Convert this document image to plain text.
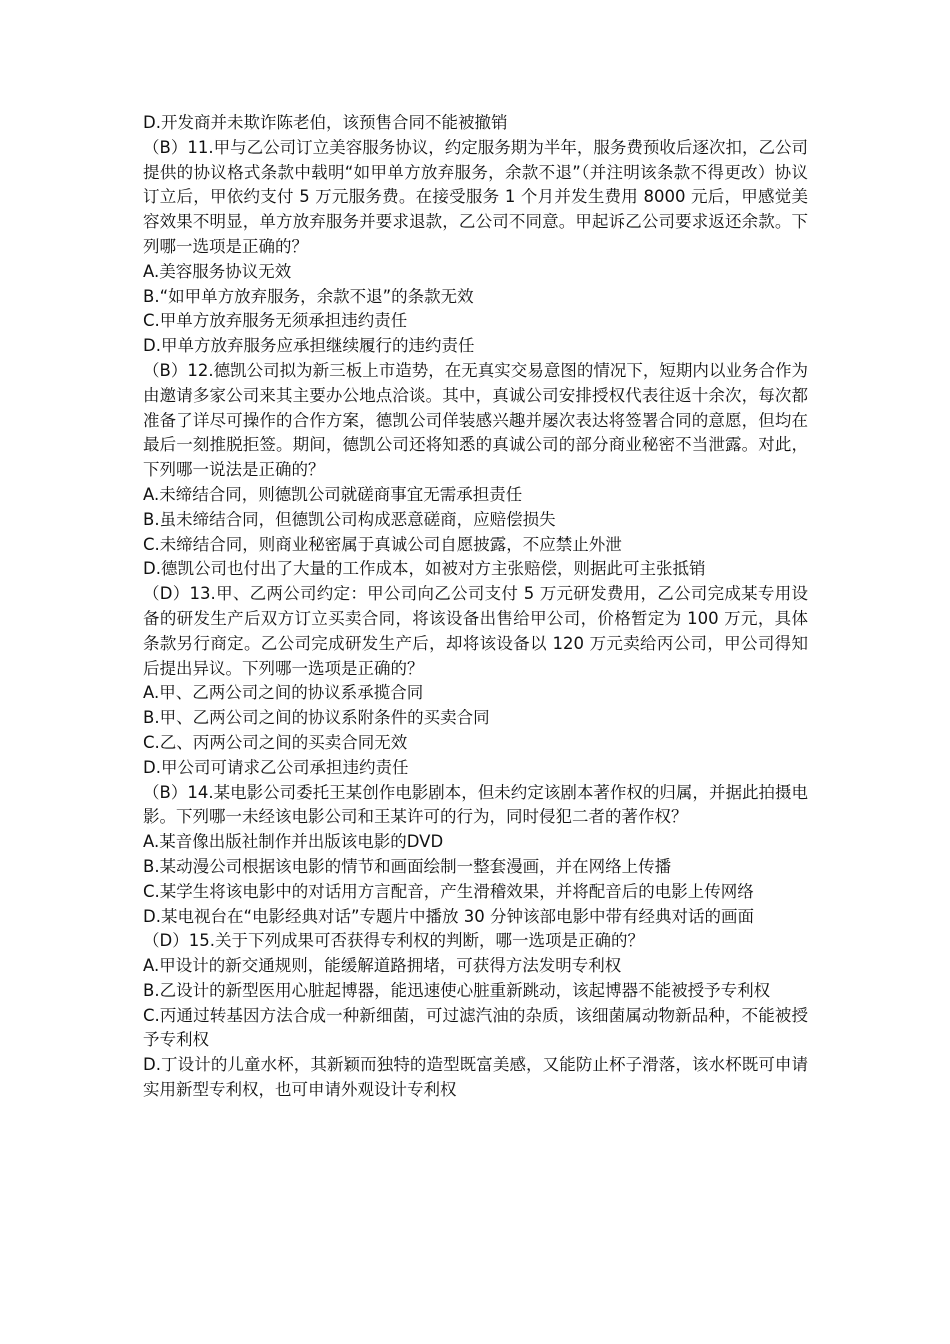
D.开发商并未欺诈陈老伯，该预售合同不能被撤销
（B）11.甲与乙公司订立美容服务协议，约定服务期为半年，服务费预收后逐次扣，乙公司提供的协议格式条款中载明“如甲单方放弃服务，余款不退”（并注明该条款不得更改）协议订立后，甲依约支付 5 万元服务费。在接受服务 1 个月并发生费用 8000 元后，甲感觉美容效果不明显，单方放弃服务并要求退款，乙公司不同意。甲起诉乙公司要求返还余款。下列哪一选项是正确的？
A.美容服务协议无效
B.“如甲单方放弃服务，余款不退”的条款无效
C.甲单方放弃服务无须承担违约责任
D.甲单方放弃服务应承担继续履行的违约责任
（B）12.德凯公司拟为新三板上市造势，在无真实交易意图的情况下，短期内以业务合作为由邀请多家公司来其主要办公地点洽谈。其中，真诚公司安排授权代表往返十余次，每次都准备了详尽可操作的合作方案，德凯公司佯装感兴趣并屡次表达将签署合同的意愿，但均在最后一刻推脱拒签。期间，德凯公司还将知悉的真诚公司的部分商业秘密不当泄露。对此，下列哪一说法是正确的？
A.未缔结合同，则德凯公司就磋商事宜无需承担责任
B.虽未缔结合同，但德凯公司构成恶意磋商，应赔偿损失
C.未缔结合同，则商业秘密属于真诚公司自愿披露，不应禁止外泄
D.德凯公司也付出了大量的工作成本，如被对方主张赔偿，则据此可主张抵销
（D）13.甲、乙两公司约定：甲公司向乙公司支付 5 万元研发费用，乙公司完成某专用设备的研发生产后双方订立买卖合同，将该设备出售给甲公司，价格暂定为 100 万元，具体条款另行商定。乙公司完成研发生产后，却将该设备以 120 万元卖给丙公司，甲公司得知后提出异议。下列哪一选项是正确的？
A.甲、乙两公司之间的协议系承揽合同
B.甲、乙两公司之间的协议系附条件的买卖合同
C.乙、丙两公司之间的买卖合同无效
D.甲公司可请求乙公司承担违约责任
（B）14.某电影公司委托王某创作电影剧本，但未约定该剧本著作权的归属，并据此拍摄电影。下列哪一未经该电影公司和王某许可的行为，同时侵犯二者的著作权？
A.某音像出版社制作并出版该电影的DVD
B.某动漫公司根据该电影的情节和画面绘制一整套漫画，并在网络上传播
C.某学生将该电影中的对话用方言配音，产生滑稽效果，并将配音后的电影上传网络
D.某电视台在“电影经典对话”专题片中播放 30 分钟该部电影中带有经典对话的画面
（D）15.关于下列成果可否获得专利权的判断，哪一选项是正确的？
A.甲设计的新交通规则，能缓解道路拥堵，可获得方法发明专利权
B.乙设计的新型医用心脏起博器，能迅速使心脏重新跳动，该起博器不能被授予专利权
C.丙通过转基因方法合成一种新细菌，可过滤汽油的杂质，该细菌属动物新品种，不能被授予专利权
D.丁设计的儿童水杯，其新颖而独特的造型既富美感，又能防止杯子滑落，该水杯既可申请实用新型专利权，也可申请外观设计专利权
